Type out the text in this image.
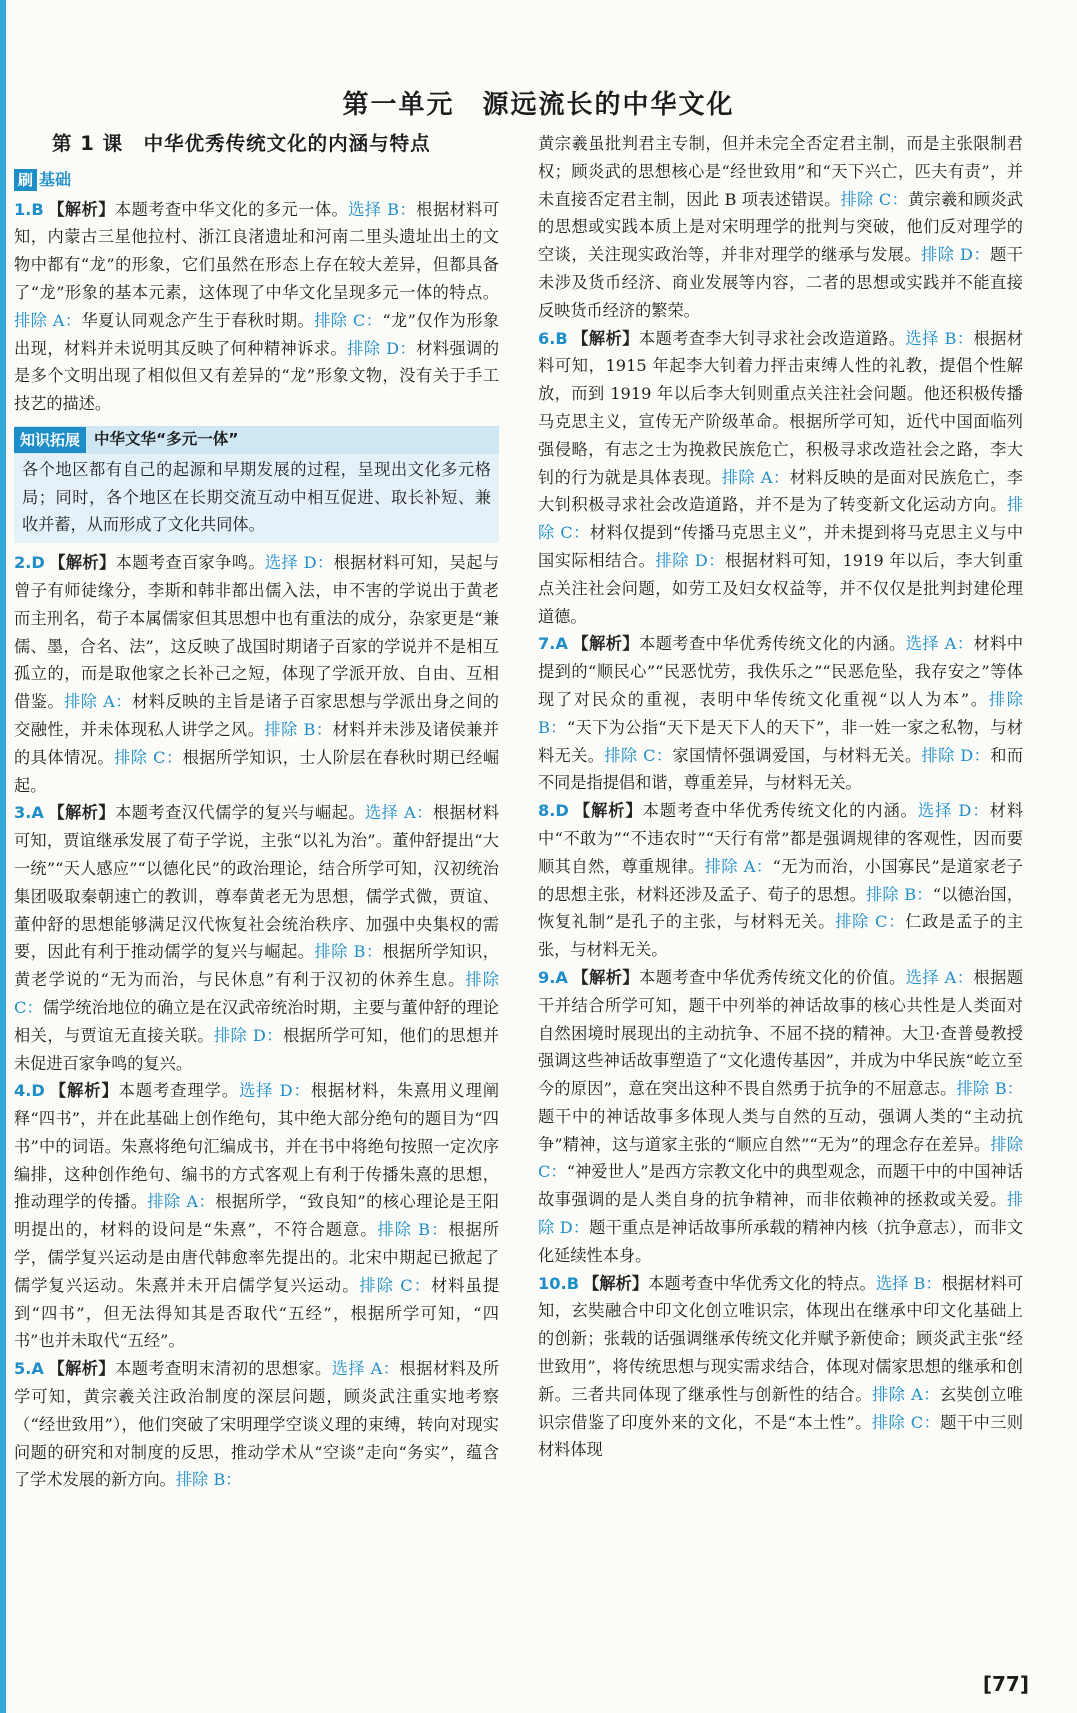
第一单元　源远流长的中华文化
第 1 课　中华优秀传统文化的内涵与特点
刷 基础

1.B 【解析】本题考查中华文化的多元一体。选择 B：根据材料可知，内蒙古三星他拉村、浙江良渚遗址和河南二里头遗址出土的文物中都有“龙”的形象，它们虽然在形态上存在较大差异，但都具备了“龙”形象的基本元素，这体现了中华文化呈现多元一体的特点。排除 A：华夏认同观念产生于春秋时期。排除 C：“龙”仅作为形象出现，材料并未说明其反映了何种精神诉求。排除 D：材料强调的是多个文明出现了相似但又有差异的“龙”形象文物，没有关于手工技艺的描述。

知识拓展 中华文华“多元一体”
各个地区都有自己的起源和早期发展的过程，呈现出文化多元格局；同时，各个地区在长期交流互动中相互促进、取长补短、兼收并蓄，从而形成了文化共同体。

2.D 【解析】本题考查百家争鸣。选择 D：根据材料可知，吴起与曾子有师徒缘分，李斯和韩非都出儒入法，申不害的学说出于黄老而主刑名，荀子本属儒家但其思想中也有重法的成分，杂家更是“兼儒、墨，合名、法”，这反映了战国时期诸子百家的学说并不是相互孤立的，而是取他家之长补己之短，体现了学派开放、自由、互相借鉴。排除 A：材料反映的主旨是诸子百家思想与学派出身之间的交融性，并未体现私人讲学之风。排除 B：材料并未涉及诸侯兼并的具体情况。排除 C：根据所学知识，士人阶层在春秋时期已经崛起。

3.A 【解析】本题考查汉代儒学的复兴与崛起。选择 A：根据材料可知，贾谊继承发展了荀子学说，主张“以礼为治”。董仲舒提出“大一统”“天人感应”“以德化民”的政治理论，结合所学可知，汉初统治集团吸取秦朝速亡的教训，尊奉黄老无为思想，儒学式微，贾谊、董仲舒的思想能够满足汉代恢复社会统治秩序、加强中央集权的需要，因此有利于推动儒学的复兴与崛起。排除 B：根据所学知识，黄老学说的“无为而治，与民休息”有利于汉初的休养生息。排除 C：儒学统治地位的确立是在汉武帝统治时期，主要与董仲舒的理论相关，与贾谊无直接关联。排除 D：根据所学可知，他们的思想并未促进百家争鸣的复兴。

4.D 【解析】本题考查理学。选择 D：根据材料，朱熹用义理阐释“四书”，并在此基础上创作绝句，其中绝大部分绝句的题目为“四书”中的词语。朱熹将绝句汇编成书，并在书中将绝句按照一定次序编排，这种创作绝句、编书的方式客观上有利于传播朱熹的思想，推动理学的传播。排除 A：根据所学，“致良知”的核心理论是王阳明提出的，材料的设问是“朱熹”，不符合题意。排除 B：根据所学，儒学复兴运动是由唐代韩愈率先提出的。北宋中期起已掀起了儒学复兴运动。朱熹并未开启儒学复兴运动。排除 C：材料虽提到“四书”，但无法得知其是否取代“五经”，根据所学可知，“四书”也并未取代“五经”。

5.A 【解析】本题考查明末清初的思想家。选择 A：根据材料及所学可知，黄宗羲关注政治制度的深层问题，顾炎武注重实地考察（“经世致用”），他们突破了宋明理学空谈义理的束缚，转向对现实问题的研究和对制度的反思，推动学术从“空谈”走向“务实”，蕴含了学术发展的新方向。排除 B：

黄宗羲虽批判君主专制，但并未完全否定君主制，而是主张限制君权；顾炎武的思想核心是“经世致用”和“天下兴亡，匹夫有责”，并未直接否定君主制，因此 B 项表述错误。排除 C：黄宗羲和顾炎武的思想或实践本质上是对宋明理学的批判与突破，他们反对理学的空谈，关注现实政治等，并非对理学的继承与发展。排除 D：题干未涉及货币经济、商业发展等内容，二者的思想或实践并不能直接反映货币经济的繁荣。

6.B 【解析】本题考查李大钊寻求社会改造道路。选择 B：根据材料可知，1915 年起李大钊着力抨击束缚人性的礼教，提倡个性解放，而到 1919 年以后李大钊则重点关注社会问题。他还积极传播马克思主义，宣传无产阶级革命。根据所学可知，近代中国面临列强侵略，有志之士为挽救民族危亡，积极寻求改造社会之路，李大钊的行为就是具体表现。排除 A：材料反映的是面对民族危亡，李大钊积极寻求社会改造道路，并不是为了转变新文化运动方向。排除 C：材料仅提到“传播马克思主义”，并未提到将马克思主义与中国实际相结合。排除 D：根据材料可知，1919 年以后，李大钊重点关注社会问题，如劳工及妇女权益等，并不仅仅是批判封建伦理道德。

7.A 【解析】本题考查中华优秀传统文化的内涵。选择 A：材料中提到的“顺民心”“民恶忧劳，我佚乐之”“民恶危坠，我存安之”等体现了对民众的重视，表明中华传统文化重视“以人为本”。排除 B：“天下为公指“天下是天下人的天下”，非一姓一家之私物，与材料无关。排除 C：家国情怀强调爱国，与材料无关。排除 D：和而不同是指提倡和谐，尊重差异，与材料无关。

8.D 【解析】本题考查中华优秀传统文化的内涵。选择 D：材料中“不敢为”“不违农时”“天行有常”都是强调规律的客观性，因而要顺其自然，尊重规律。排除 A：“无为而治，小国寡民”是道家老子的思想主张，材料还涉及孟子、荀子的思想。排除 B：“以德治国，恢复礼制”是孔子的主张，与材料无关。排除 C：仁政是孟子的主张，与材料无关。

9.A 【解析】本题考查中华优秀传统文化的价值。选择 A：根据题干并结合所学可知，题干中列举的神话故事的核心共性是人类面对自然困境时展现出的主动抗争、不屈不挠的精神。大卫·查普曼教授强调这些神话故事塑造了“文化遗传基因”，并成为中华民族“屹立至今的原因”，意在突出这种不畏自然勇于抗争的不屈意志。排除 B：题干中的神话故事多体现人类与自然的互动，强调人类的“主动抗争”精神，这与道家主张的“顺应自然”“无为”的理念存在差异。排除 C：“神爱世人”是西方宗教文化中的典型观念，而题干中的中国神话故事强调的是人类自身的抗争精神，而非依赖神的拯救或关爱。排除 D：题干重点是神话故事所承载的精神内核（抗争意志），而非文化延续性本身。

10.B 【解析】本题考查中华优秀文化的特点。选择 B：根据材料可知，玄奘融合中印文化创立唯识宗，体现出在继承中印文化基础上的创新；张载的话强调继承传统文化并赋予新使命；顾炎武主张“经世致用”，将传统思想与现实需求结合，体现对儒家思想的继承和创新。三者共同体现了继承性与创新性的结合。排除 A：玄奘创立唯识宗借鉴了印度外来的文化，不是“本土性”。排除 C：题干中三则材料体现

[77]
